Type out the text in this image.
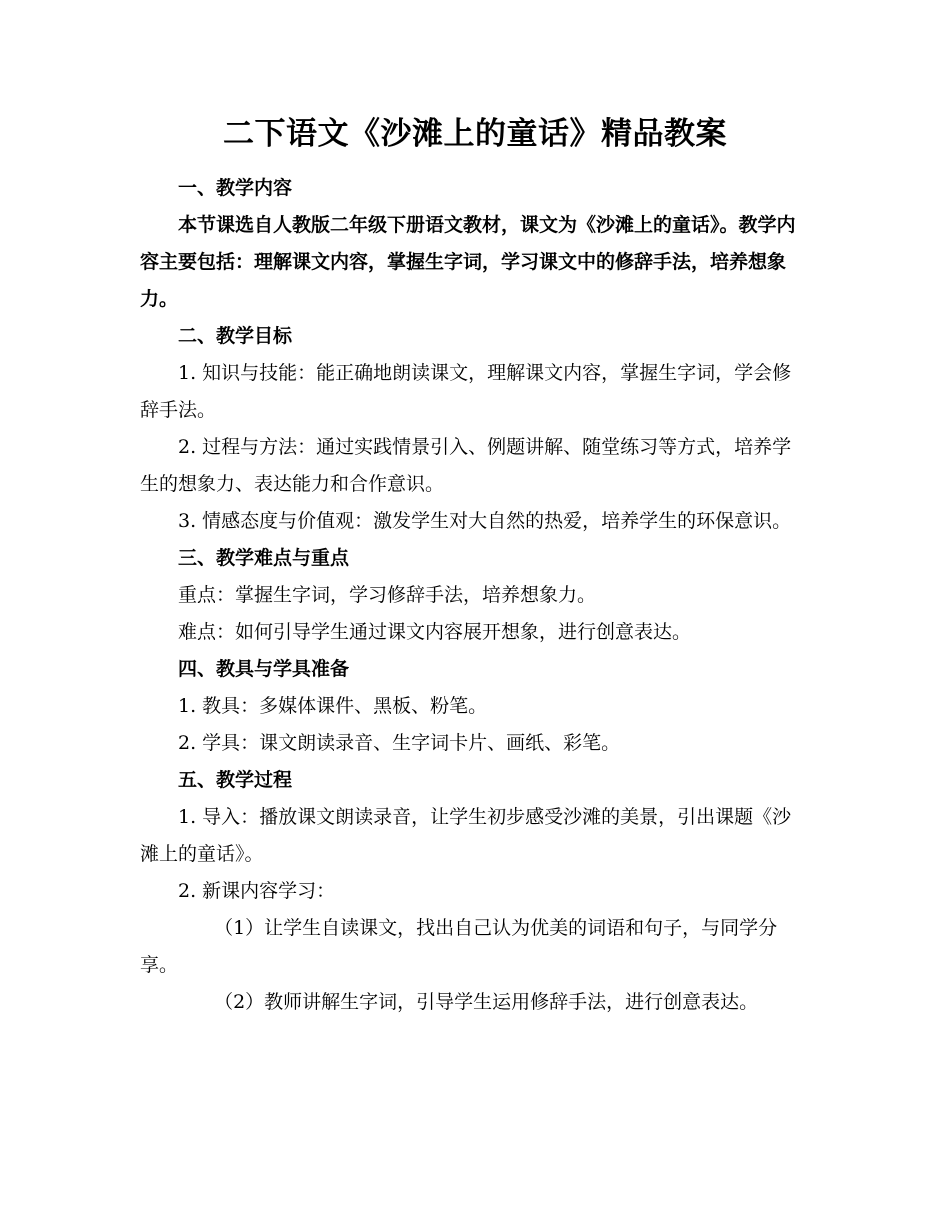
二下语文《沙滩上的童话》精品教案
一、教学内容

本节课选自人教版二年级下册语文教材，课文为《沙滩上的童话》。教学内容主要包括：理解课文内容，掌握生字词，学习课文中的修辞手法，培养想象力。

二、教学目标

1. 知识与技能：能正确地朗读课文，理解课文内容，掌握生字词，学会修辞手法。

2. 过程与方法：通过实践情景引入、例题讲解、随堂练习等方式，培养学生的想象力、表达能力和合作意识。

3. 情感态度与价值观：激发学生对大自然的热爱，培养学生的环保意识。

三、教学难点与重点

重点：掌握生字词，学习修辞手法，培养想象力。

难点：如何引导学生通过课文内容展开想象，进行创意表达。

四、教具与学具准备

1. 教具：多媒体课件、黑板、粉笔。

2. 学具：课文朗读录音、生字词卡片、画纸、彩笔。

五、教学过程

1. 导入：播放课文朗读录音，让学生初步感受沙滩的美景，引出课题《沙滩上的童话》。

2. 新课内容学习：

（1）让学生自读课文，找出自己认为优美的词语和句子，与同学分享。

（2）教师讲解生字词，引导学生运用修辞手法，进行创意表达。
